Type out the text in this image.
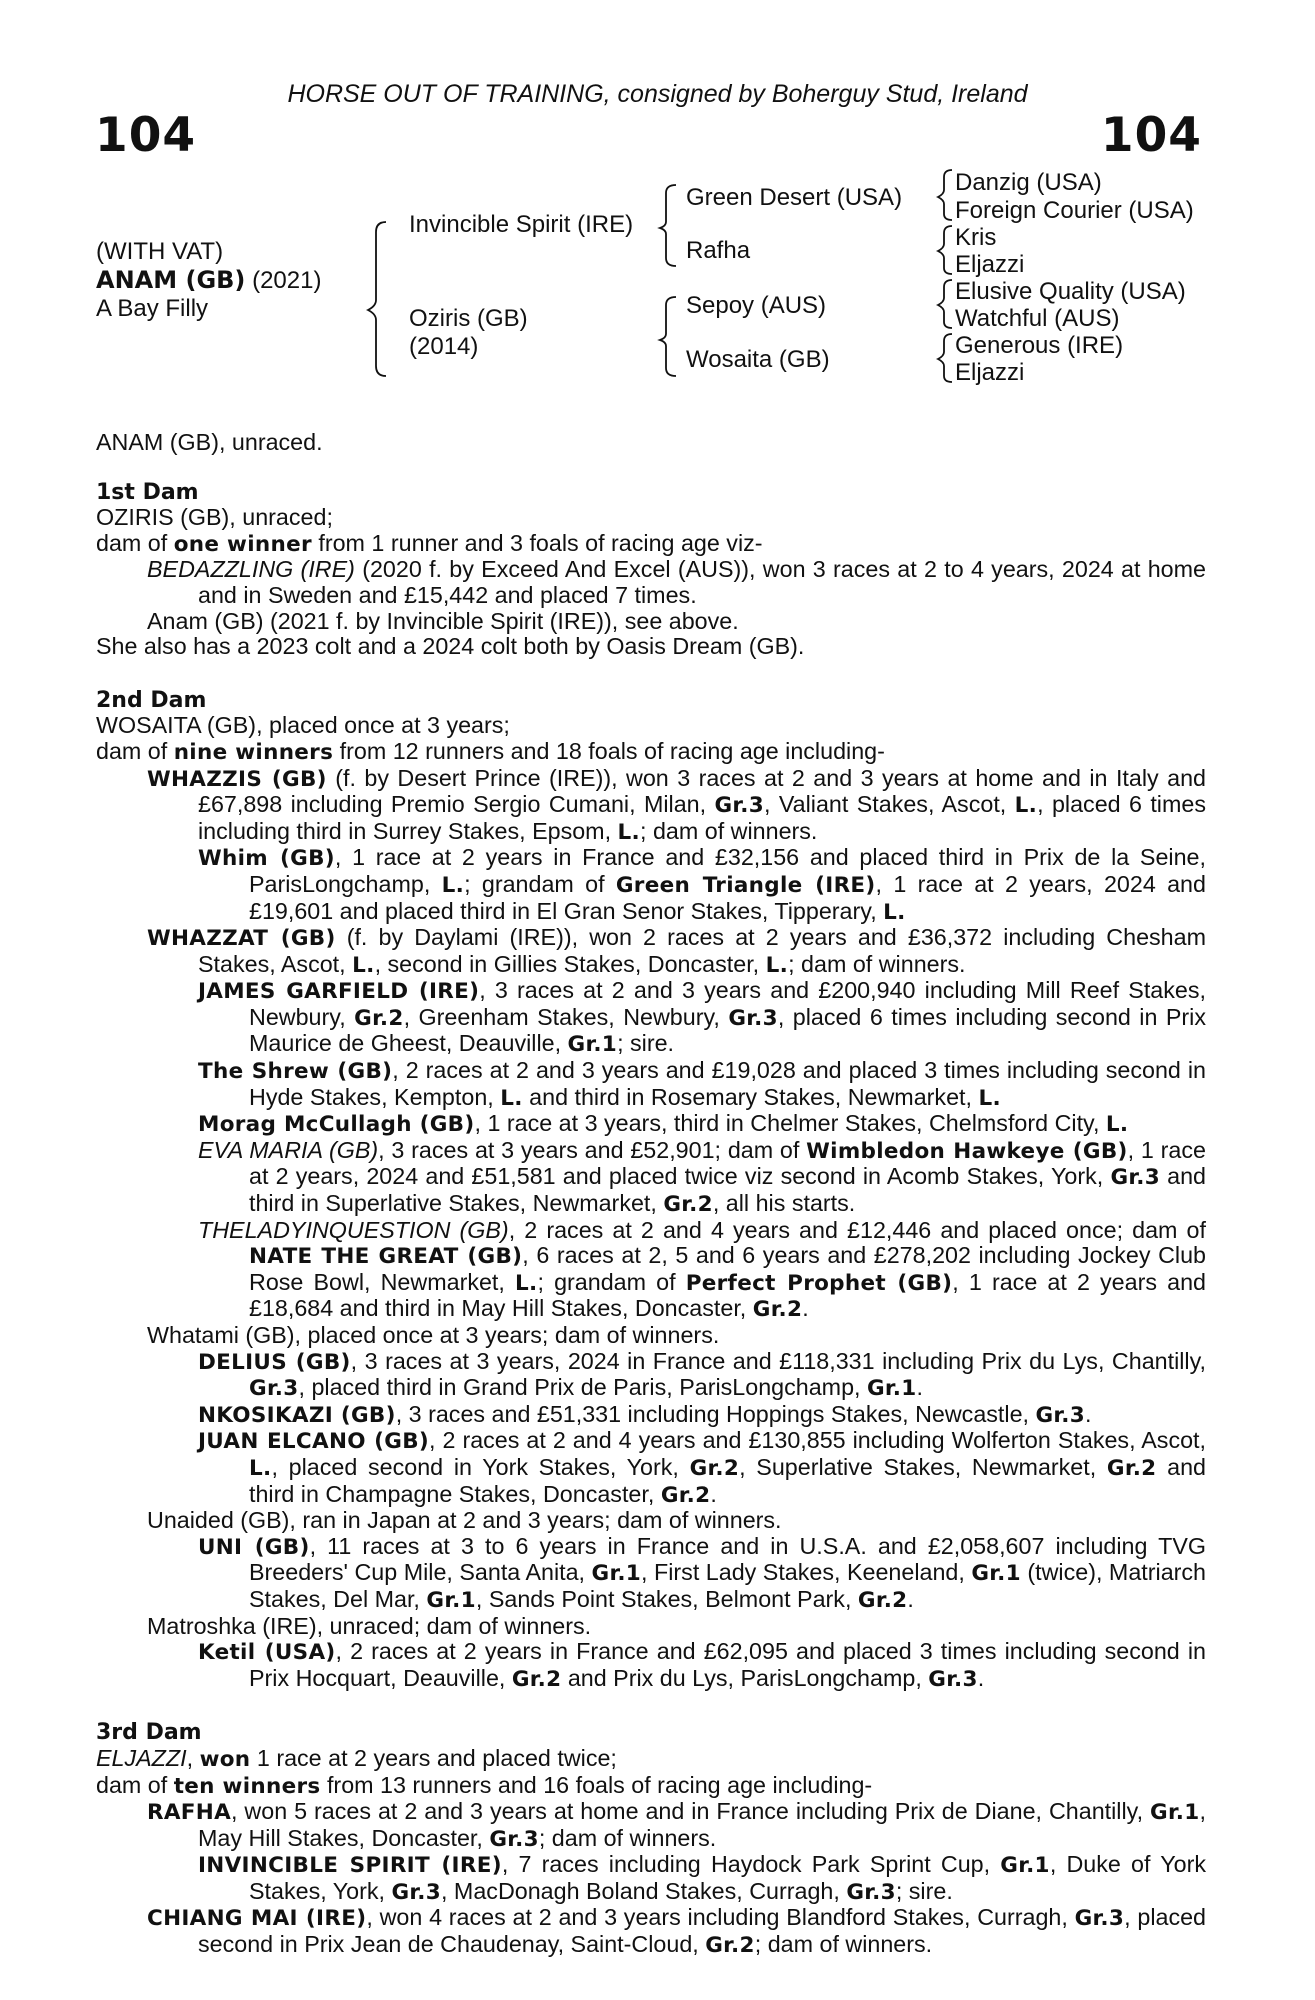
HORSE OUT OF TRAINING, consigned by Boherguy Stud, Ireland
104	104
(WITH VAT)
ANAM (GB) (2021)
A Bay Filly
Invincible Spirit (IRE)
Oziris (GB)
(2014)
Green Desert (USA)
Rafha
Sepoy (AUS)
Wosaita (GB)
Danzig (USA)
Foreign Courier (USA)
Kris
Eljazzi
Elusive Quality (USA)
Watchful (AUS)
Generous (IRE)
Eljazzi

ANAM (GB), unraced.

1st Dam

OZIRIS (GB), unraced;

dam of one winner from 1 runner and 3 foals of racing age viz-

BEDAZZLING (IRE) (2020 f. by Exceed And Excel (AUS)), won 3 races at 2 to 4 years, 2024 at home and in Sweden and £15,442 and placed 7 times.

Anam (GB) (2021 f. by Invincible Spirit (IRE)), see above.

She also has a 2023 colt and a 2024 colt both by Oasis Dream (GB).

2nd Dam

WOSAITA (GB), placed once at 3 years;

dam of nine winners from 12 runners and 18 foals of racing age including-

WHAZZIS (GB) (f. by Desert Prince (IRE)), won 3 races at 2 and 3 years at home and in Italy and £67,898 including Premio Sergio Cumani, Milan, Gr.3, Valiant Stakes, Ascot, L., placed 6 times including third in Surrey Stakes, Epsom, L.; dam of winners.

Whim (GB), 1 race at 2 years in France and £32,156 and placed third in Prix de la Seine, ParisLongchamp, L.; grandam of Green Triangle (IRE), 1 race at 2 years, 2024 and £19,601 and placed third in El Gran Senor Stakes, Tipperary, L.

WHAZZAT (GB) (f. by Daylami (IRE)), won 2 races at 2 years and £36,372 including Chesham Stakes, Ascot, L., second in Gillies Stakes, Doncaster, L.; dam of winners.

JAMES GARFIELD (IRE), 3 races at 2 and 3 years and £200,940 including Mill Reef Stakes, Newbury, Gr.2, Greenham Stakes, Newbury, Gr.3, placed 6 times including second in Prix Maurice de Gheest, Deauville, Gr.1; sire.

The Shrew (GB), 2 races at 2 and 3 years and £19,028 and placed 3 times including second in Hyde Stakes, Kempton, L. and third in Rosemary Stakes, Newmarket, L.

Morag McCullagh (GB), 1 race at 3 years, third in Chelmer Stakes, Chelmsford City, L.

EVA MARIA (GB), 3 races at 3 years and £52,901; dam of Wimbledon Hawkeye (GB), 1 race at 2 years, 2024 and £51,581 and placed twice viz second in Acomb Stakes, York, Gr.3 and third in Superlative Stakes, Newmarket, Gr.2, all his starts.

THELADYINQUESTION (GB), 2 races at 2 and 4 years and £12,446 and placed once; dam of NATE THE GREAT (GB), 6 races at 2, 5 and 6 years and £278,202 including Jockey Club Rose Bowl, Newmarket, L.; grandam of Perfect Prophet (GB), 1 race at 2 years and £18,684 and third in May Hill Stakes, Doncaster, Gr.2.

Whatami (GB), placed once at 3 years; dam of winners.

DELIUS (GB), 3 races at 3 years, 2024 in France and £118,331 including Prix du Lys, Chantilly, Gr.3, placed third in Grand Prix de Paris, ParisLongchamp, Gr.1.

NKOSIKAZI (GB), 3 races and £51,331 including Hoppings Stakes, Newcastle, Gr.3.

JUAN ELCANO (GB), 2 races at 2 and 4 years and £130,855 including Wolferton Stakes, Ascot, L., placed second in York Stakes, York, Gr.2, Superlative Stakes, Newmarket, Gr.2 and third in Champagne Stakes, Doncaster, Gr.2.

Unaided (GB), ran in Japan at 2 and 3 years; dam of winners.

UNI (GB), 11 races at 3 to 6 years in France and in U.S.A. and £2,058,607 including TVG Breeders' Cup Mile, Santa Anita, Gr.1, First Lady Stakes, Keeneland, Gr.1 (twice), Matriarch Stakes, Del Mar, Gr.1, Sands Point Stakes, Belmont Park, Gr.2.

Matroshka (IRE), unraced; dam of winners.

Ketil (USA), 2 races at 2 years in France and £62,095 and placed 3 times including second in Prix Hocquart, Deauville, Gr.2 and Prix du Lys, ParisLongchamp, Gr.3.

3rd Dam

ELJAZZI, won 1 race at 2 years and placed twice;

dam of ten winners from 13 runners and 16 foals of racing age including-

RAFHA, won 5 races at 2 and 3 years at home and in France including Prix de Diane, Chantilly, Gr.1, May Hill Stakes, Doncaster, Gr.3; dam of winners.

INVINCIBLE SPIRIT (IRE), 7 races including Haydock Park Sprint Cup, Gr.1, Duke of York Stakes, York, Gr.3, MacDonagh Boland Stakes, Curragh, Gr.3; sire.

CHIANG MAI (IRE), won 4 races at 2 and 3 years including Blandford Stakes, Curragh, Gr.3, placed second in Prix Jean de Chaudenay, Saint-Cloud, Gr.2; dam of winners.
